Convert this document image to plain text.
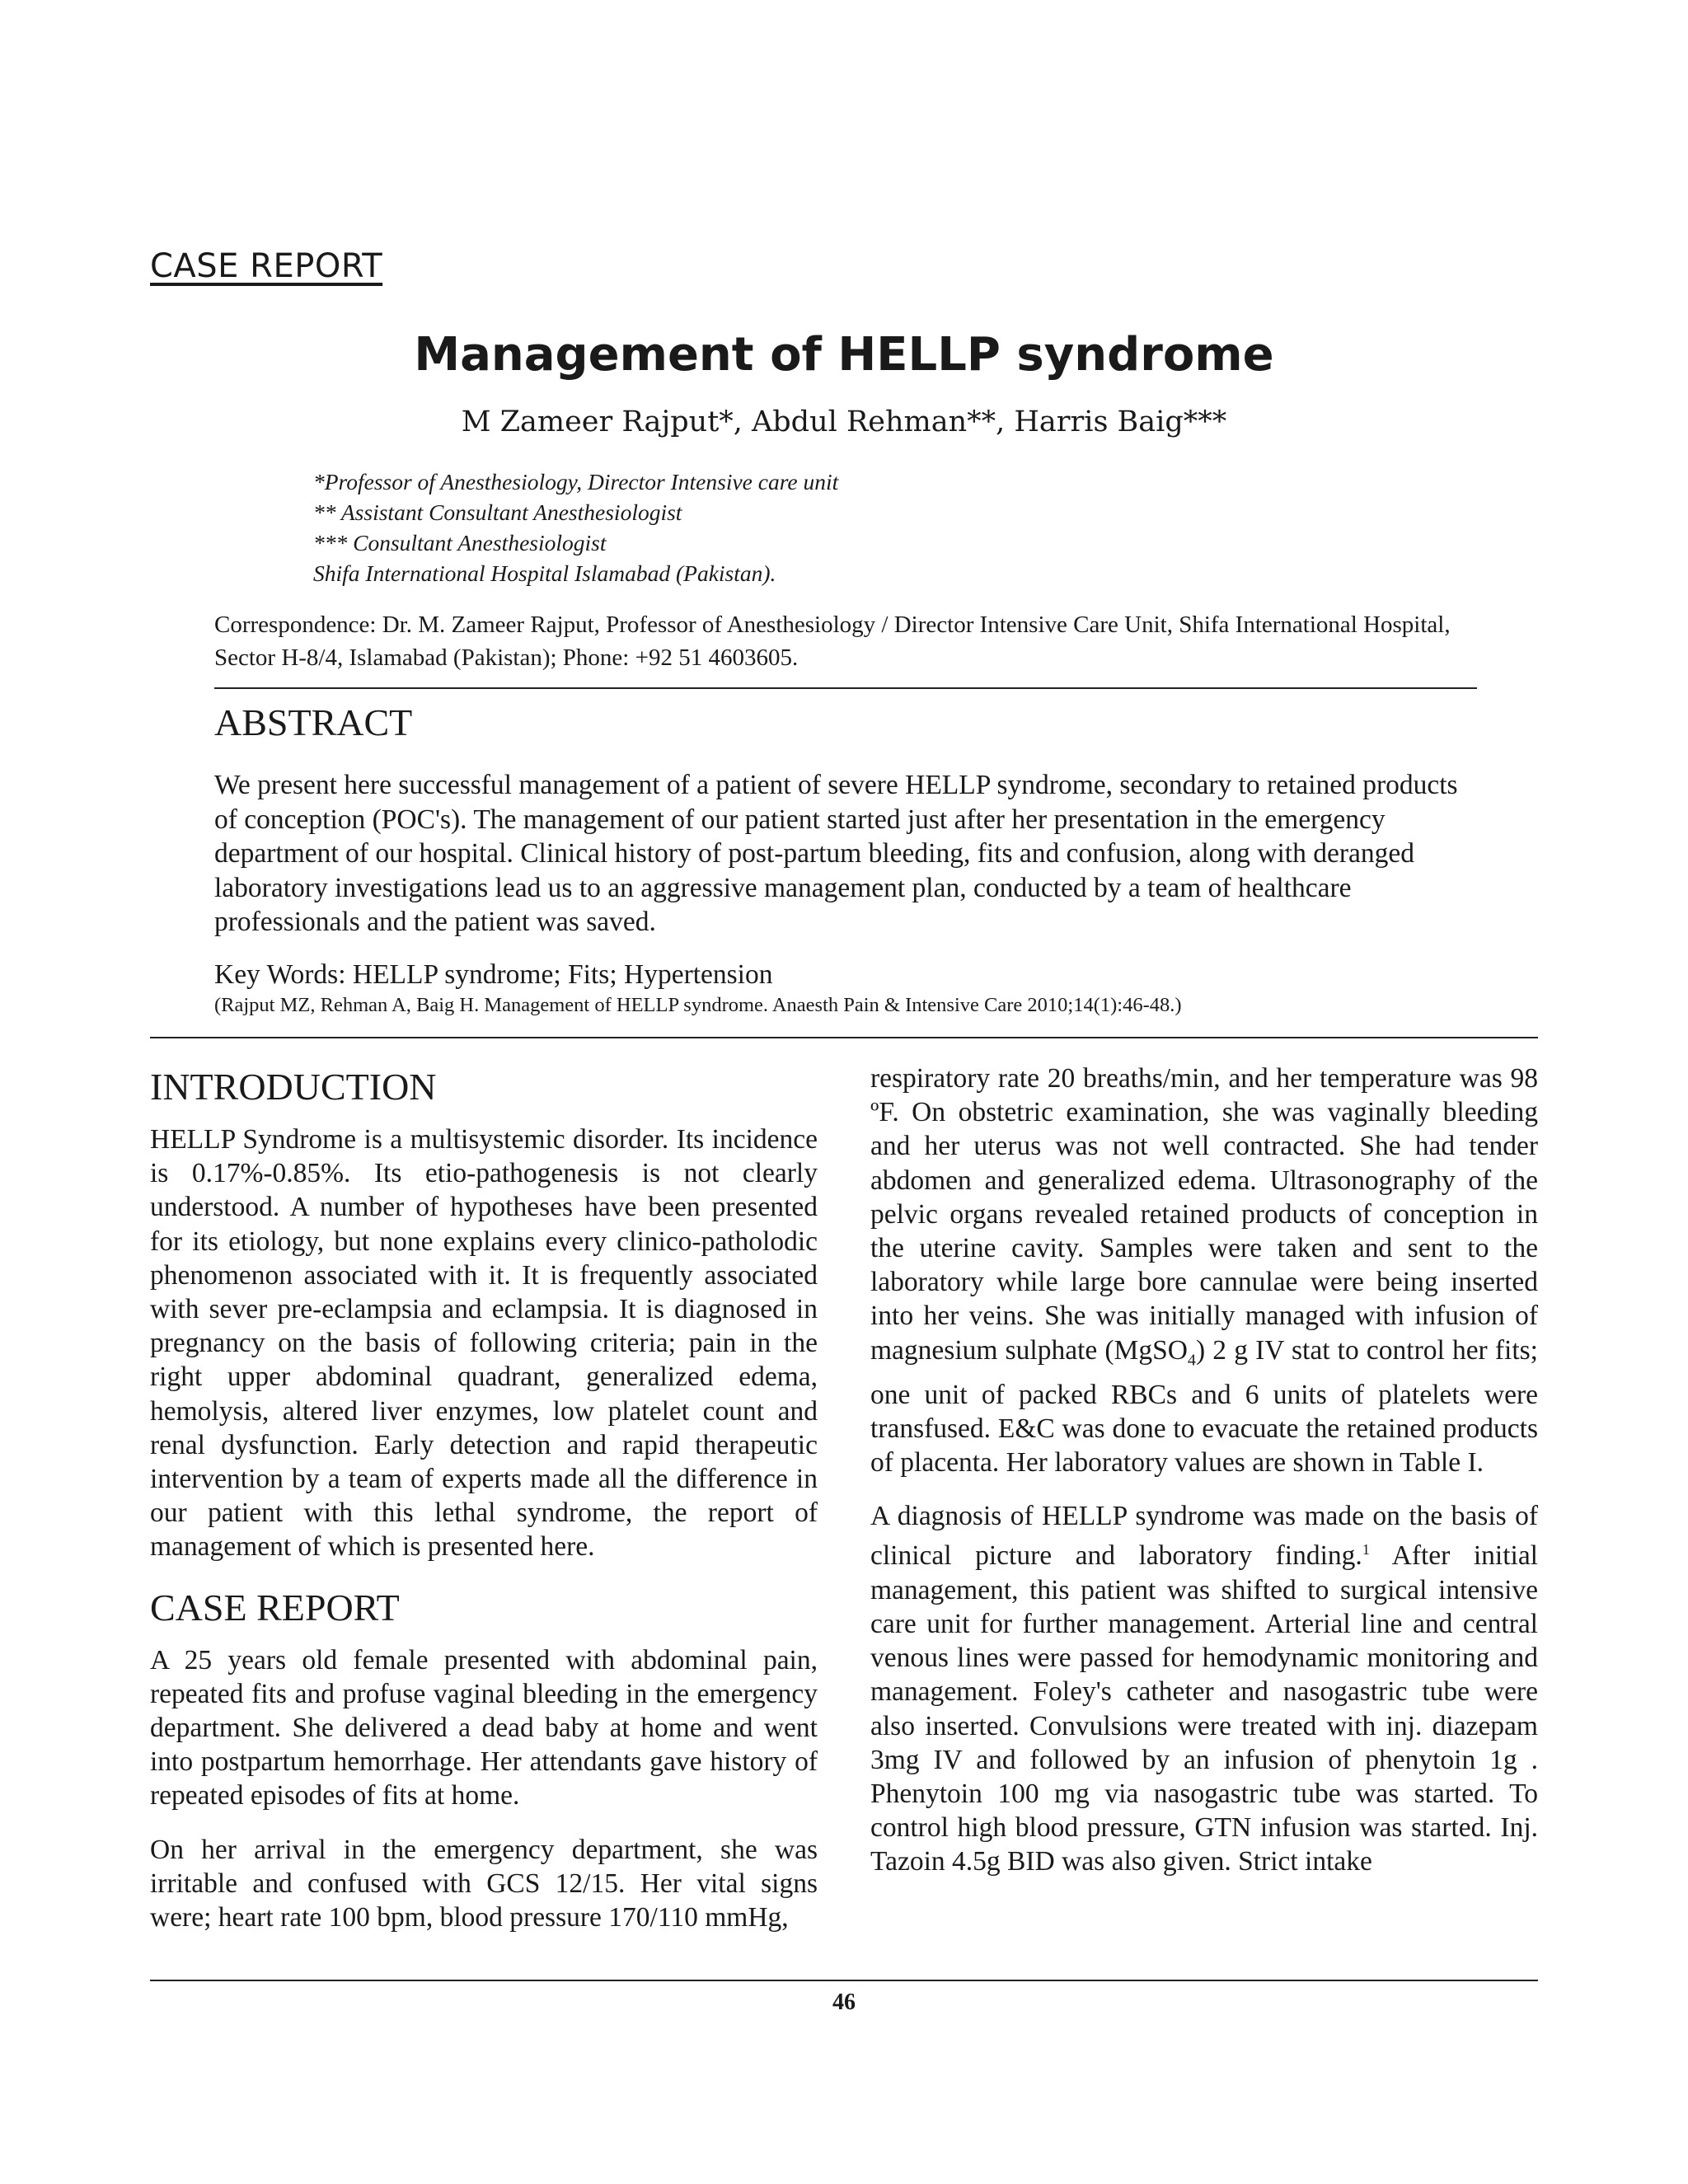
CASE REPORT
Management of HELLP syndrome
M Zameer Rajput*, Abdul Rehman**, Harris Baig***
*Professor of Anesthesiology, Director Intensive care unit
** Assistant Consultant Anesthesiologist
*** Consultant Anesthesiologist
Shifa International Hospital Islamabad (Pakistan).
Correspondence: Dr. M. Zameer Rajput, Professor of Anesthesiology / Director Intensive Care Unit, Shifa International Hospital, Sector H-8/4, Islamabad (Pakistan); Phone: +92 51 4603605.
ABSTRACT
We present here successful management of a patient of severe HELLP syndrome, secondary to retained products of conception (POC's). The management of our patient started just after her presentation in the emergency department of our hospital. Clinical history of post-partum bleeding, fits and confusion, along with deranged laboratory investigations lead us to an aggressive management plan, conducted by a team of healthcare professionals and the patient was saved.
Key Words: HELLP syndrome; Fits; Hypertension
(Rajput MZ, Rehman A, Baig H. Management of HELLP syndrome. Anaesth Pain & Intensive Care 2010;14(1):46-48.)
INTRODUCTION

HELLP Syndrome is a multisystemic disorder. Its incidence is 0.17%-0.85%. Its etio-pathogenesis is not clearly understood. A number of hypotheses have been presented for its etiology, but none explains every clinico-patholodic phenomenon associated with it. It is frequently associated with sever pre-eclampsia and eclampsia. It is diagnosed in pregnancy on the basis of following criteria; pain in the right upper abdominal quadrant, generalized edema, hemolysis, altered liver enzymes, low platelet count and renal dysfunction. Early detection and rapid therapeutic intervention by a team of experts made all the difference in our patient with this lethal syndrome, the report of management of which is presented here.

CASE REPORT

A 25 years old female presented with abdominal pain, repeated fits and profuse vaginal bleeding in the emergency department. She delivered a dead baby at home and went into postpartum hemorrhage. Her attendants gave history of repeated episodes of fits at home.

On her arrival in the emergency department, she was irritable and confused with GCS 12/15. Her vital signs were; heart rate 100 bpm, blood pressure 170/110 mmHg,

respiratory rate 20 breaths/min, and her temperature was 98 ºF. On obstetric examination, she was vaginally bleeding and her uterus was not well contracted. She had tender abdomen and generalized edema. Ultrasonography of the pelvic organs revealed retained products of conception in the uterine cavity. Samples were taken and sent to the laboratory while large bore cannulae were being inserted into her veins. She was initially managed with infusion of magnesium sulphate (MgSO$_4$) 2 g IV stat to control her fits; one unit of packed RBCs and 6 units of platelets were transfused. E&C was done to evacuate the retained products of placenta. Her laboratory values are shown in Table I.

A diagnosis of HELLP syndrome was made on the basis of clinical picture and laboratory finding.$^1$ After initial management, this patient was shifted to surgical intensive care unit for further management. Arterial line and central venous lines were passed for hemodynamic monitoring and management. Foley's catheter and nasogastric tube were also inserted. Convulsions were treated with inj. diazepam 3mg IV and followed by an infusion of phenytoin 1g . Phenytoin 100 mg via nasogastric tube was started. To control high blood pressure, GTN infusion was started. Inj. Tazoin 4.5g BID was also given. Strict intake

46
